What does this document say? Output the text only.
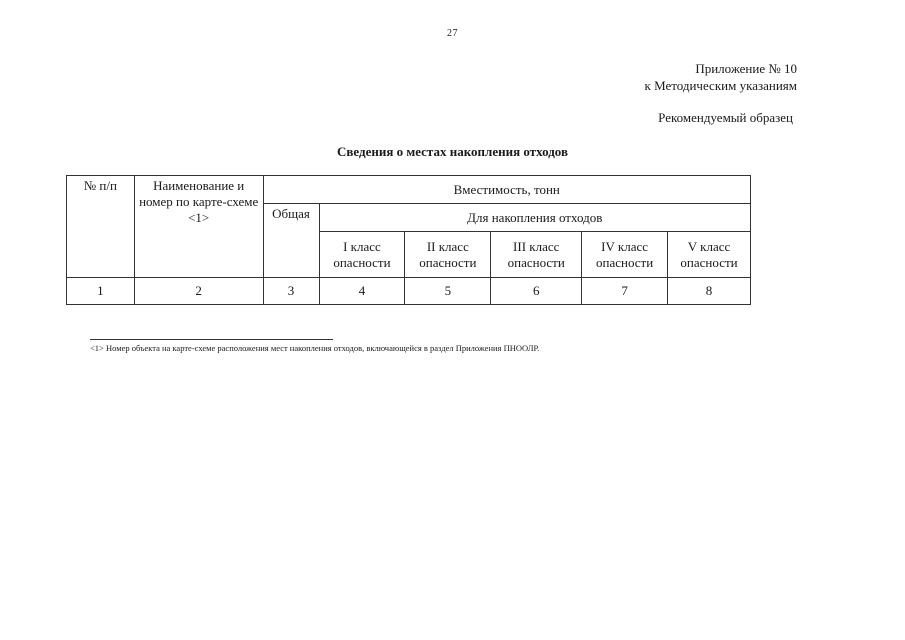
27
Приложение № 10
к Методическим указаниям
Рекомендуемый образец
Сведения о местах накопления отходов
№ п/п	Наименование и номер по карте-схеме <1>	Вместимость, тонн					
		Общая	Для накопления отходов				
			I класс опасности	II класс опасности	III класс опасности	IV класс опасности	V класс опасности
1	2	3	4	5	6	7	8
<1> Номер объекта на карте-схеме расположения мест накопления отходов, включающейся в раздел Приложения ПНООЛР.
